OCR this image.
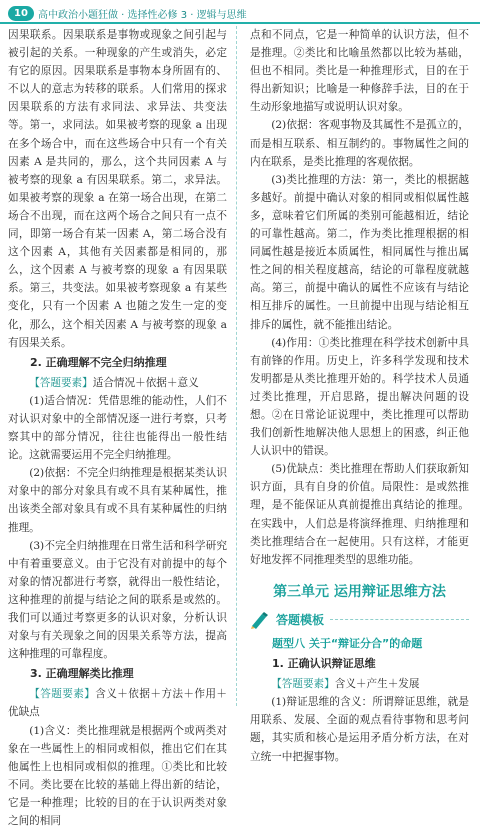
10	高中政治小题狂做 · 选择性必修 3 · 逻辑与思维

因果联系。因果联系是事物或现象之间引起与被引起的关系。一种现象的产生或消失，必定有它的原因。因果联系是事物本身所固有的、不以人的意志为转移的联系。人们常用的探求因果联系的方法有求同法、求异法、共变法等。第一，求同法。如果被考察的现象 a 出现在多个场合中，而在这些场合中只有一个有关因素 A 是共同的，那么，这个共同因素 A 与被考察的现象 a 有因果联系。第二，求异法。如果被考察的现象 a 在第一场合出现，在第二场合不出现，而在这两个场合之间只有一点不同，即第一场合有某一因素 A，第二场合没有这个因素 A，其他有关因素都是相同的，那么，这个因素 A 与被考察的现象 a 有因果联系。第三，共变法。如果被考察现象 a 有某些变化，只有一个因素 A 也随之发生一定的变化，那么，这个相关因素 A 与被考察的现象 a 有因果关系。

2. 正确理解不完全归纳推理

【答题要素】适合情况＋依据＋意义

(1)适合情况：凭借思维的能动性，人们不对认识对象中的全部情况逐一进行考察，只考察其中的部分情况，往往也能得出一般性结论。这就需要运用不完全归纳推理。

(2)依据：不完全归纳推理是根据某类认识对象中的部分对象具有或不具有某种属性，推出该类全部对象具有或不具有某种属性的归纳推理。

(3)不完全归纳推理在日常生活和科学研究中有着重要意义。由于它没有对前提中的每个对象的情况都进行考察，就得出一般性结论，这种推理的前提与结论之间的联系是或然的。我们可以通过考察更多的认识对象，分析认识对象与有关现象之间的因果关系等方法，提高这种推理的可靠程度。

3. 正确理解类比推理

【答题要素】含义＋依据＋方法＋作用＋优缺点

(1)含义：类比推理就是根据两个或两类对象在一些属性上的相同或相似，推出它们在其他属性上也相同或相似的推理。①类比和比较不同。类比要在比较的基础上得出新的结论，它是一种推理；比较的目的在于认识两类对象之间的相同

点和不同点，它是一种简单的认识方法，但不是推理。②类比和比喻虽然都以比较为基础，但也不相同。类比是一种推理形式，目的在于得出新知识；比喻是一种修辞手法，目的在于生动形象地描写或说明认识对象。

(2)依据：客观事物及其属性不是孤立的，而是相互联系、相互制约的。事物属性之间的内在联系，是类比推理的客观依据。

(3)类比推理的方法：第一，类比的根据越多越好。前提中确认对象的相同或相似属性越多，意味着它们所属的类别可能越相近，结论的可靠性越高。第二，作为类比推理根据的相同属性越是接近本质属性，相同属性与推出属性之间的相关程度越高，结论的可靠程度就越高。第三，前提中确认的属性不应该有与结论相互排斥的属性。一旦前提中出现与结论相互排斥的属性，就不能推出结论。

(4)作用：①类比推理在科学技术创新中具有前锋的作用。历史上，许多科学发现和技术发明都是从类比推理开始的。科学技术人员通过类比推理，开启思路，提出解决问题的设想。②在日常论证说理中，类比推理可以帮助我们创新性地解决他人思想上的困惑，纠正他人认识中的错误。

(5)优缺点：类比推理在帮助人们获取新知识方面，具有自身的价值。局限性：是或然推理，是不能保证从真前提推出真结论的推理。在实践中，人们总是将演绎推理、归纳推理和类比推理结合在一起使用。只有这样，才能更好地发挥不同推理类型的思维功能。

第三单元 运用辩证思维方法
答题模板
题型八 关于“辩证分合”的命题

1. 正确认识辩证思维

【答题要素】含义＋产生＋发展

(1)辩证思维的含义：所谓辩证思维，就是用联系、发展、全面的观点看待事物和思考问题，其实质和核心是运用矛盾分析方法，在对立统一中把握事物。
